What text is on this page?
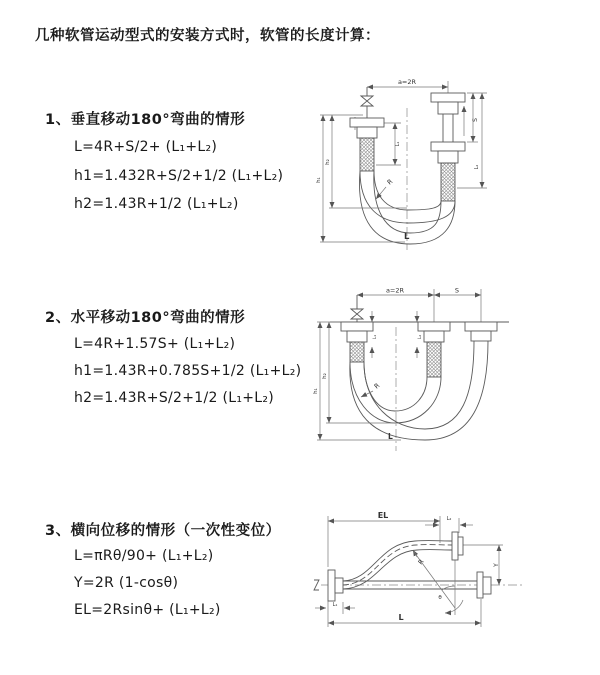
几种软管运动型式的安装方式时，软管的长度计算：
1、垂直移动180°弯曲的情形
L=4R+S/2+ (L₁+L₂)
h1=1.432R+S/2+1/2 (L₁+L₂)
h2=1.43R+1/2 (L₁+L₂)
2、水平移动180°弯曲的情形
L=4R+1.57S+ (L₁+L₂)
h1=1.43R+0.785S+1/2 (L₁+L₂)
h2=1.43R+S/2+1/2 (L₁+L₂)
3、横向位移的情形（一次性变位）
L=πRθ/90+ (L₁+L₂)
Y=2R (1-cosθ)
EL=2Rsinθ+ (L₁+L₂)
a=2R
S
L₂
L₁
h₁
h₂
R
L
a=2R	S
L₁	L₂
h₁
h₂
R
L
EL	L₂
Y
R
θ
L₁
L
